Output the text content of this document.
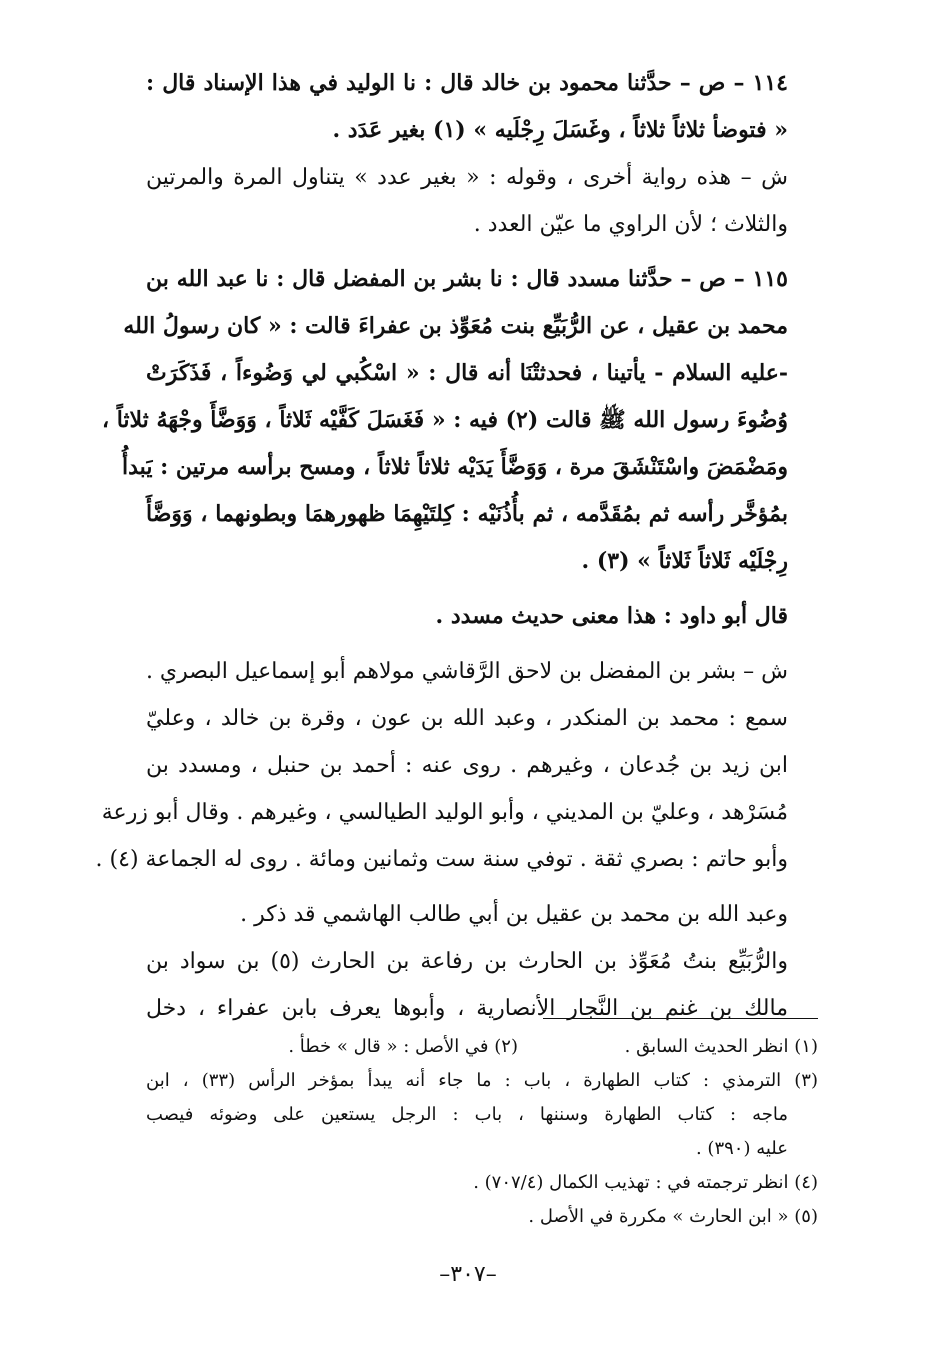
١١٤ – ص – حدَّثنا محمود بن خالد قال : نا الوليد في هذا الإسناد قال :
« فتوضأ ثلاثاً ثلاثاً ، وغَسَلَ رِجْلَيه » (١) بغير عَدَد .
ش – هذه رواية أخرى ، وقوله : « بغير عدد » يتناول المرة والمرتين
والثلاث ؛ لأن الراوي ما عيّن العدد .
١١٥ – ص – حدَّثنا مسدد قال : نا بشر بن المفضل قال : نا عبد الله بن
محمد بن عقيل ، عن الرُّبَيِّع بنت مُعَوِّذ بن عفراءَ قالت : « كان رسولُ الله
-عليه السلام - يأتينا ، فحدثتْنَا أنه قال : « اسْكُبي لي وَضُوءاً ، فَذَكَرَتْ
وُضُوءَ رسول الله ﷺ قالت (٢) فيه : « فَغَسَلَ كَفَّيْه ثَلاثاً ، وَوَضَّأَ وجْهَهُ ثلاثاً ،
ومَضْمَضَ واسْتَنْشَقَ مرة ، وَوَضَّأَ يَدَيْه ثلاثاً ثلاثاً ، ومسح برأسه مرتين : يَبدأُ
بمُؤخَّر رأسه ثم بمُقَدَّمه ، ثم بأُذُنَيْه : كِلتَيْهِمَا ظهورهمَا وبطونهما ، وَوَضَّأَ
رِجْلَيْه ثَلاثاً ثَلاثاً » (٣) .
قال أبو داود : هذا معنى حديث مسدد .
ش – بشر بن المفضل بن لاحق الرَّقاشي مولاهم أبو إسماعيل البصري .
سمع : محمد بن المنكدر ، وعبد الله بن عون ، وقرة بن خالد ، وعليّ
ابن زيد بن جُدعان ، وغيرهم . روى عنه : أحمد بن حنبل ، ومسدد بن
مُسَرْهد ، وعليّ بن المديني ، وأبو الوليد الطيالسي ، وغيرهم . وقال أبو زرعة
وأبو حاتم : بصري ثقة . توفي سنة ست وثمانين ومائة . روى له الجماعة (٤) .
وعبد الله بن محمد بن عقيل بن أبي طالب الهاشمي قد ذكر .
والرُّبَيِّع بنتُ مُعَوِّذ بن الحارث بن رفاعة بن الحارث (٥) بن سواد بن
مالك بن غنم بن النَّجار الأنصارية ، وأبوها يعرف بابن عفراء ، دخل
(١) انظر الحديث السابق .
(٢) في الأصل : « قال » خطأ .
(٣) الترمذي : كتاب الطهارة ، باب : ما جاء أنه يبدأ بمؤخر الرأس (٣٣) ، ابن
ماجه : كتاب الطهارة وسننها ، باب : الرجل يستعين على وضوئه فيصب
عليه (٣٩٠) .
(٤) انظر ترجمته في : تهذيب الكمال (٧٠٧/٤) .
(٥) « ابن الحارث » مكررة في الأصل .
–٣٠٧–
